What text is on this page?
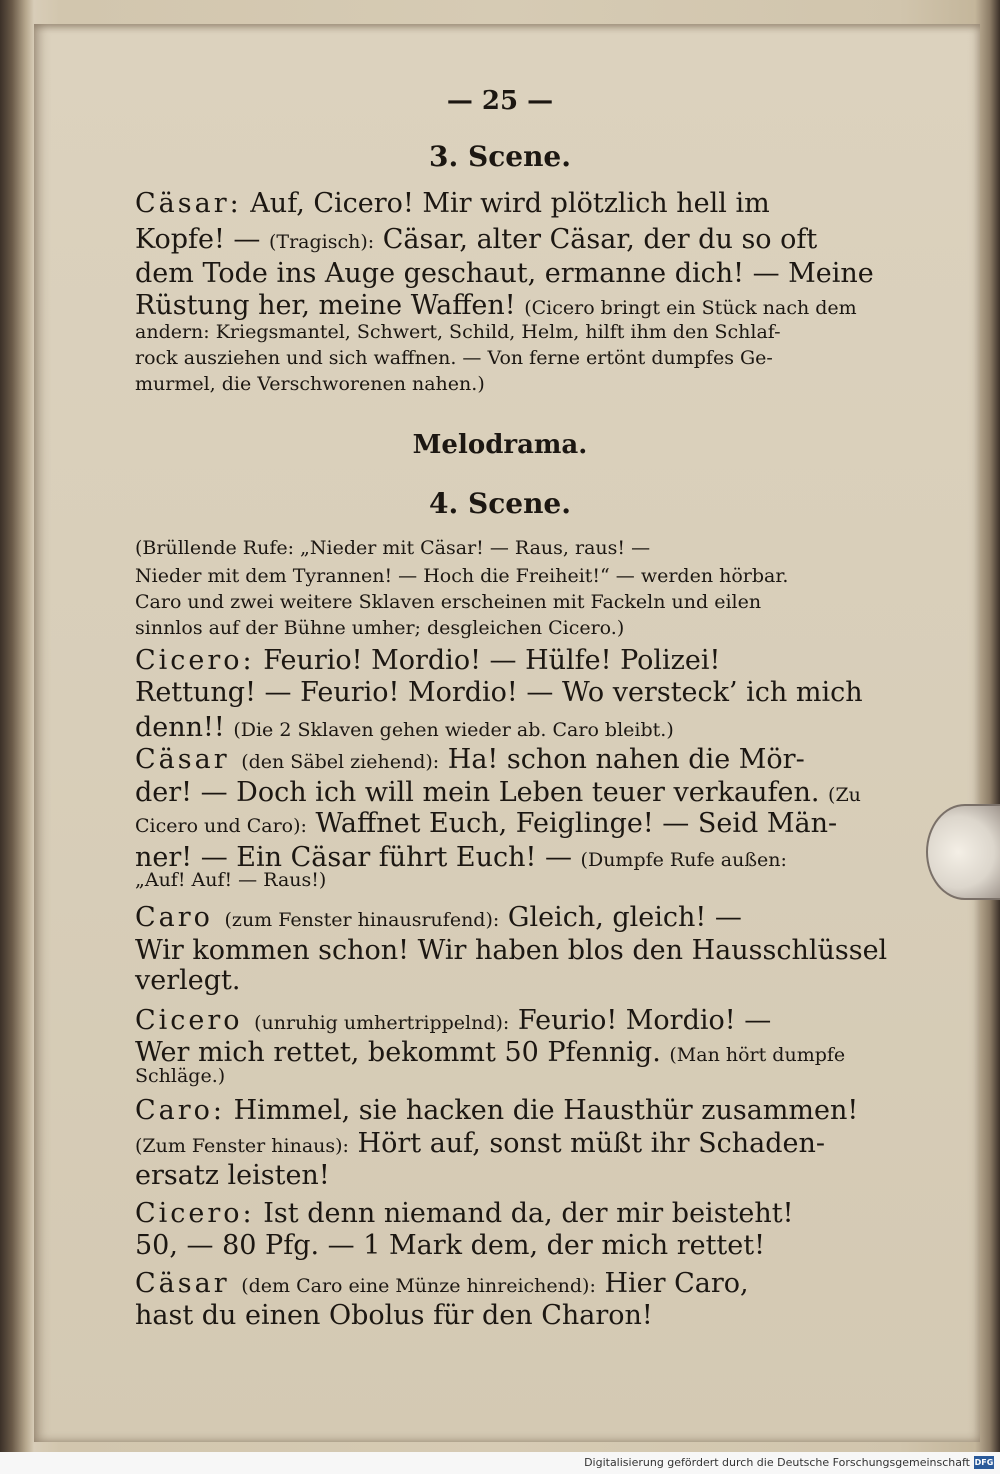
— 25 —
3. Scene.
Cäsar: Auf, Cicero! Mir wird plötzlich hell im
Kopfe! — (Tragisch): Cäsar, alter Cäsar, der du so oft
dem Tode ins Auge geschaut, ermanne dich! — Meine
Rüstung her, meine Waffen! (Cicero bringt ein Stück nach dem
andern: Kriegsmantel, Schwert, Schild, Helm, hilft ihm den Schlaf-
rock ausziehen und sich waffnen. — Von ferne ertönt dumpfes Ge-
murmel, die Verschworenen nahen.)
Melodrama.
4. Scene.
(Brüllende Rufe: „Nieder mit Cäsar! — Raus, raus! —
Nieder mit dem Tyrannen! — Hoch die Freiheit!“ — werden hörbar.
Caro und zwei weitere Sklaven erscheinen mit Fackeln und eilen
sinnlos auf der Bühne umher; desgleichen Cicero.)
Cicero: Feurio! Mordio! — Hülfe! Polizei!
Rettung! — Feurio! Mordio! — Wo versteck’ ich mich
denn!! (Die 2 Sklaven gehen wieder ab. Caro bleibt.)
Cäsar (den Säbel ziehend): Ha! schon nahen die Mör-
der! — Doch ich will mein Leben teuer verkaufen. (Zu
Cicero und Caro): Waffnet Euch, Feiglinge! — Seid Män-
ner! — Ein Cäsar führt Euch! — (Dumpfe Rufe außen:
„Auf! Auf! — Raus!)
Caro (zum Fenster hinausrufend): Gleich, gleich! —
Wir kommen schon! Wir haben blos den Hausschlüssel
verlegt.
Cicero (unruhig umhertrippelnd): Feurio! Mordio! —
Wer mich rettet, bekommt 50 Pfennig. (Man hört dumpfe
Schläge.)
Caro: Himmel, sie hacken die Hausthür zusammen!
(Zum Fenster hinaus): Hört auf, sonst müßt ihr Schaden-
ersatz leisten!
Cicero: Ist denn niemand da, der mir beisteht!
50, — 80 Pfg. — 1 Mark dem, der mich rettet!
Cäsar (dem Caro eine Münze hinreichend): Hier Caro,
hast du einen Obolus für den Charon!
Digitalisierung gefördert durch die Deutsche Forschungsgemeinschaft DFG
